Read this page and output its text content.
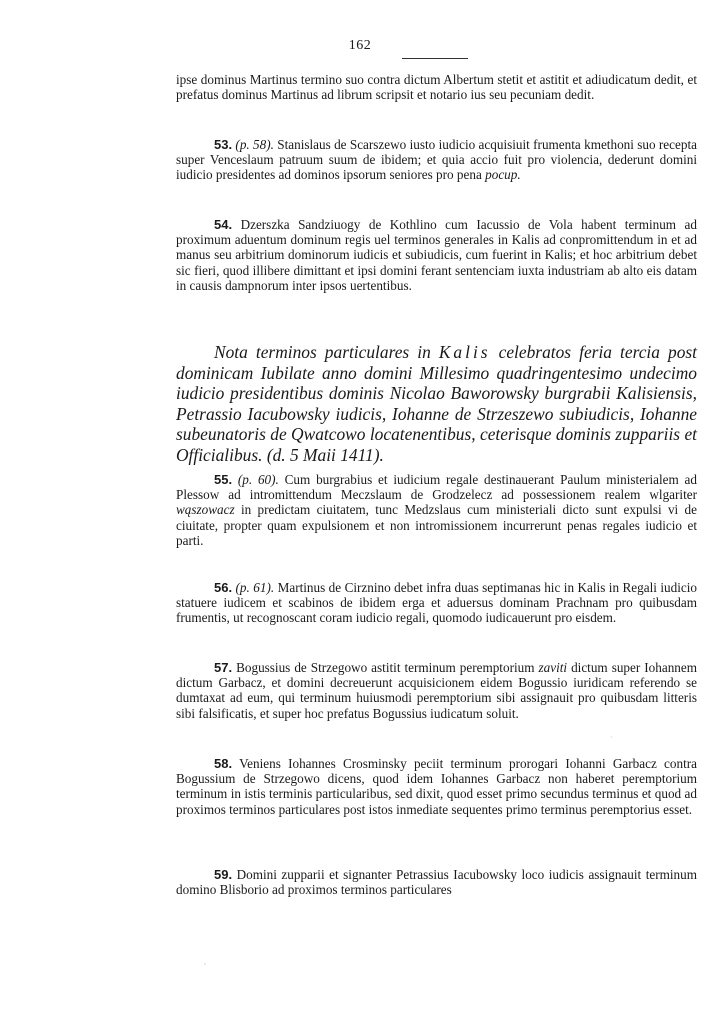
162

ipse dominus Martinus termino suo contra dictum Albertum stetit et astitit et adiudicatum dedit, et prefatus dominus Martinus ad librum scripsit et notario ius seu pecuniam dedit.

53. (p. 58). Stanislaus de Scarszewo iusto iudicio acquisiuit frumenta kmethoni suo recepta super Venceslaum patruum suum de ibidem; et quia accio fuit pro violencia, dederunt domini iudicio presidentes ad dominos ipsorum seniores pro pena pocup.

54. Dzerszka Sandziuogy de Kothlino cum Iacussio de Vola habent terminum ad proximum aduentum dominum regis uel terminos generales in Kalis ad conpromittendum in et ad manus seu arbitrium dominorum iudicis et subiudicis, cum fuerint in Kalis; et hoc arbitrium debet sic fieri, quod illibere dimittant et ipsi domini ferant sentenciam iuxta industriam ab alto eis datam in causis dampnorum inter ipsos uertentibus.

Nota terminos particulares in Kalis celebratos feria tercia post dominicam Iubilate anno domini Millesimo quadringentesimo undecimo iudicio presidentibus dominis Nicolao Baworowsky burgrabii Kalisiensis, Petrassio Iacubowsky iudicis, Iohanne de Strzeszewo subiudicis, Iohanne subeunatoris de Qwatcowo locatenentibus, ceterisque dominis zuppariis et Officialibus. (d. 5 Maii 1411).

55. (p. 60). Cum burgrabius et iudicium regale destinauerant Paulum ministerialem ad Plessow ad intromittendum Meczslaum de Grodzelecz ad possessionem realem wlgariter wąszowacz in predictam ciuitatem, tunc Medzslaus cum ministeriali dicto sunt expulsi vi de ciuitate, propter quam expulsionem et non intromissionem incurrerunt penas regales iudicio et parti.

56. (p. 61). Martinus de Cirznino debet infra duas septimanas hic in Kalis in Regali iudicio statuere iudicem et scabinos de ibidem erga et aduersus dominam Prachnam pro quibusdam frumentis, ut recognoscant coram iudicio regali, quomodo iudicauerunt pro eisdem.

57. Bogussius de Strzegowo astitit terminum peremptorium zaviti dictum super Iohannem dictum Garbacz, et domini decreuerunt acquisicionem eidem Bogussio iuridicam referendo se dumtaxat ad eum, qui terminum huiusmodi peremptorium sibi assignauit pro quibusdam litteris sibi falsificatis, et super hoc prefatus Bogussius iudicatum soluit.

58. Veniens Iohannes Crosminsky peciit terminum prorogari Iohanni Garbacz contra Bogussium de Strzegowo dicens, quod idem Iohannes Garbacz non haberet peremptorium terminum in istis terminis particularibus, sed dixit, quod esset primo secundus terminus et quod ad proximos terminos particulares post istos inmediate sequentes primo terminus peremptorius esset.

59. Domini zupparii et signanter Petrassius Iacubowsky loco iudicis assignauit terminum domino Blisborio ad proximos terminos particulares

ʹ
ˋ
